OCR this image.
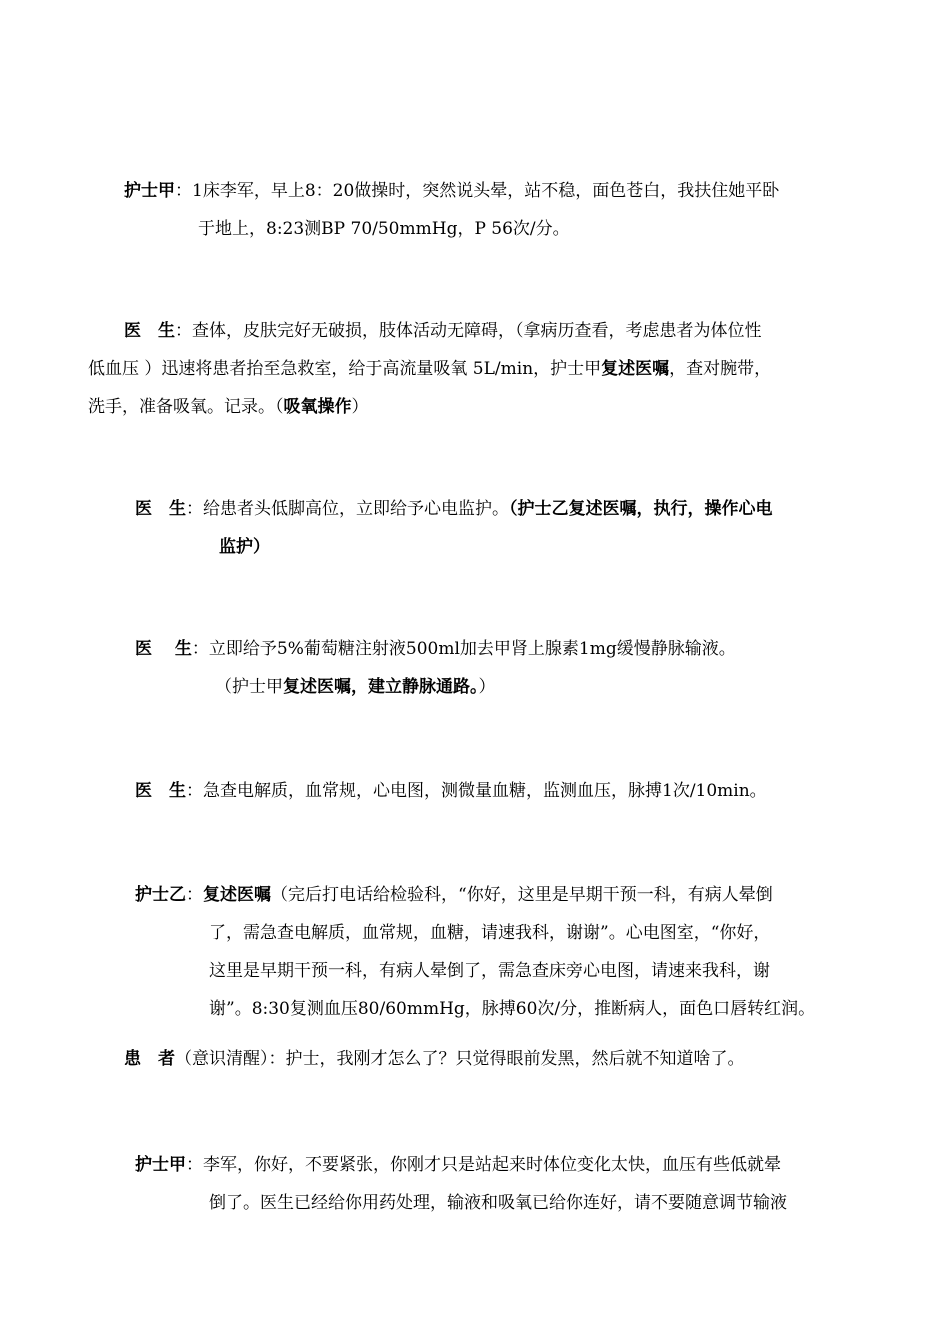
护士甲：1床李军，早上8：20做操时，突然说头晕，站不稳，面色苍白，我扶住她平卧
于地上，8:23测BP 70/50mmHg，P 56次/分。
医　生：查体，皮肤完好无破损，肢体活动无障碍，（拿病历查看，考虑患者为体位性
低血压 ）迅速将患者抬至急救室，给于高流量吸氧 5L/min，护士甲复述医嘱，查对腕带，
洗手，准备吸氧。记录。（吸氧操作）
医　生：给患者头低脚高位，立即给予心电监护。（护士乙复述医嘱，执行，操作心电
监护）
医　 生：立即给予5%葡萄糖注射液500ml加去甲肾上腺素1mg缓慢静脉输液。
（护士甲复述医嘱，建立静脉通路。）
医　生：急查电解质，血常规，心电图，测微量血糖，监测血压，脉搏1次/10min。
护士乙：复述医嘱（完后打电话给检验科，“你好，这里是早期干预一科，有病人晕倒
了，需急查电解质，血常规，血糖，请速我科，谢谢”。心电图室，“你好，
这里是早期干预一科，有病人晕倒了，需急查床旁心电图，请速来我科，谢
谢”。8:30复测血压80/60mmHg，脉搏60次/分，推断病人，面色口唇转红润。
患　者（意识清醒）：护士，我刚才怎么了？只觉得眼前发黑，然后就不知道啥了。
护士甲：李军，你好，不要紧张，你刚才只是站起来时体位变化太快，血压有些低就晕
倒了。医生已经给你用药处理，输液和吸氧已给你连好，请不要随意调节输液
